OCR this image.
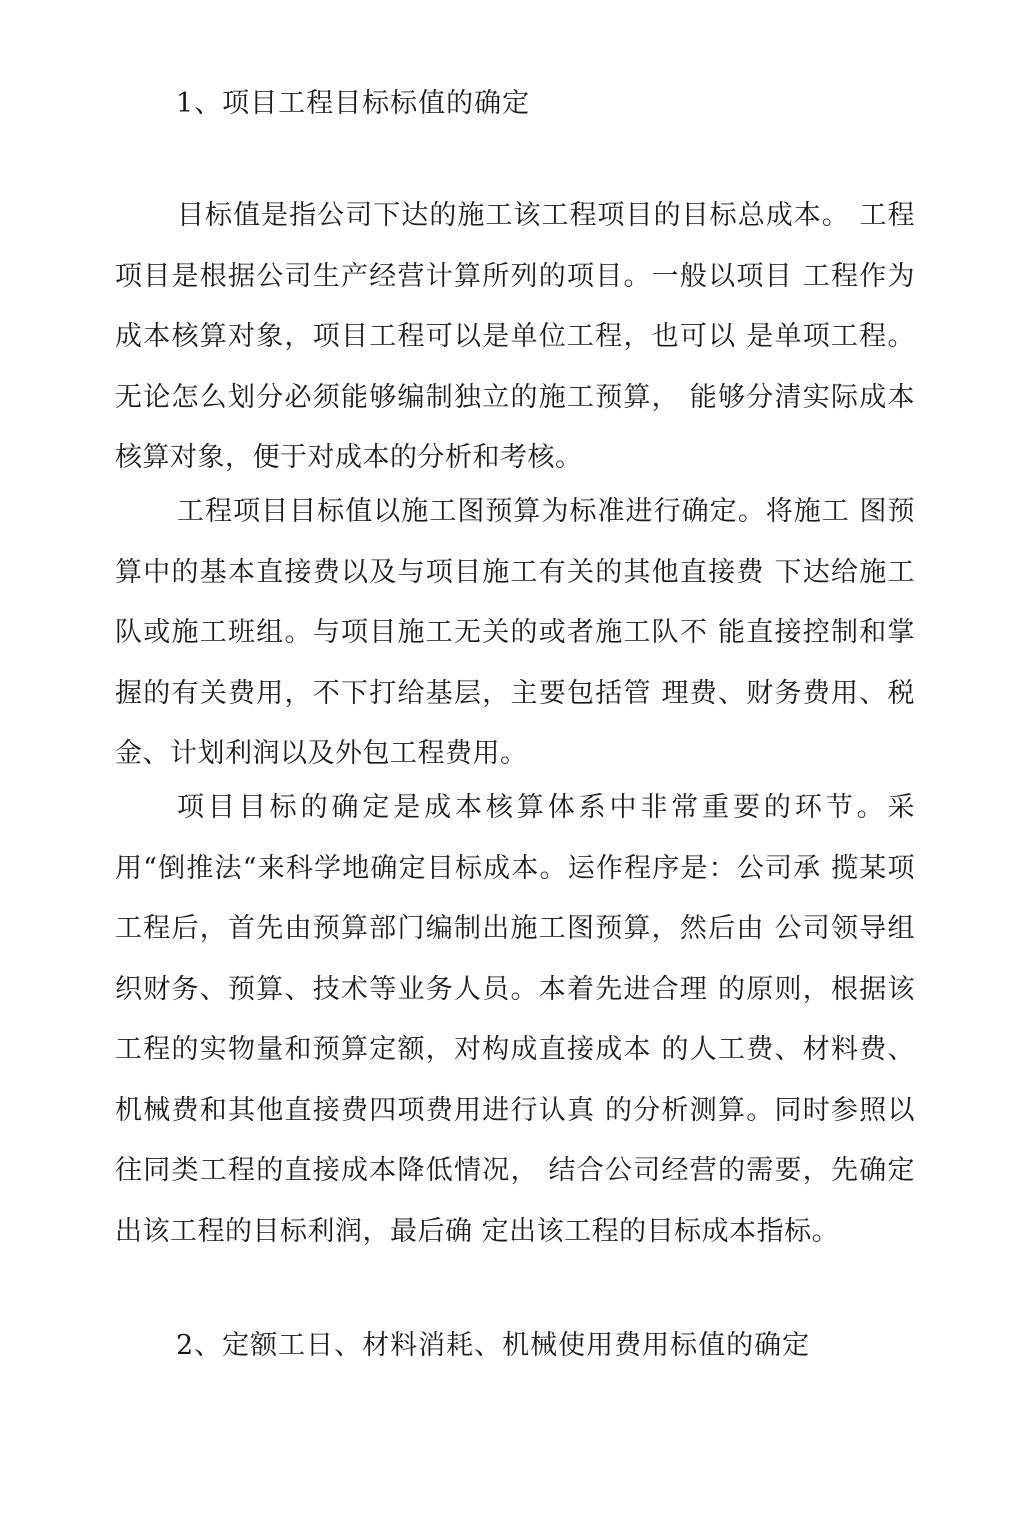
1、项目工程目标标值的确定

目标值是指公司下达的施工该工程项目的目标总成本。 工程项目是根据公司生产经营计算所列的项目。一般以项目 工程作为成本核算对象，项目工程可以是单位工程，也可以 是单项工程。无论怎么划分必须能够编制独立的施工预算， 能够分清实际成本核算对象，便于对成本的分析和考核。

工程项目目标值以施工图预算为标准进行确定。将施工 图预算中的基本直接费以及与项目施工有关的其他直接费 下达给施工队或施工班组。与项目施工无关的或者施工队不 能直接控制和掌握的有关费用，不下打给基层，主要包括管 理费、财务费用、税金、计划利润以及外包工程费用。

项目目标的确定是成本核算体系中非常重要的环节。采 用“倒推法“来科学地确定目标成本。运作程序是：公司承 揽某项工程后，首先由预算部门编制出施工图预算，然后由 公司领导组织财务、预算、技术等业务人员。本着先进合理 的原则，根据该工程的实物量和预算定额，对构成直接成本 的人工费、材料费、机械费和其他直接费四项费用进行认真 的分析测算。同时参照以往同类工程的直接成本降低情况， 结合公司经营的需要，先确定出该工程的目标利润，最后确 定出该工程的目标成本指标。

2、定额工日、材料消耗、机械使用费用标值的确定
